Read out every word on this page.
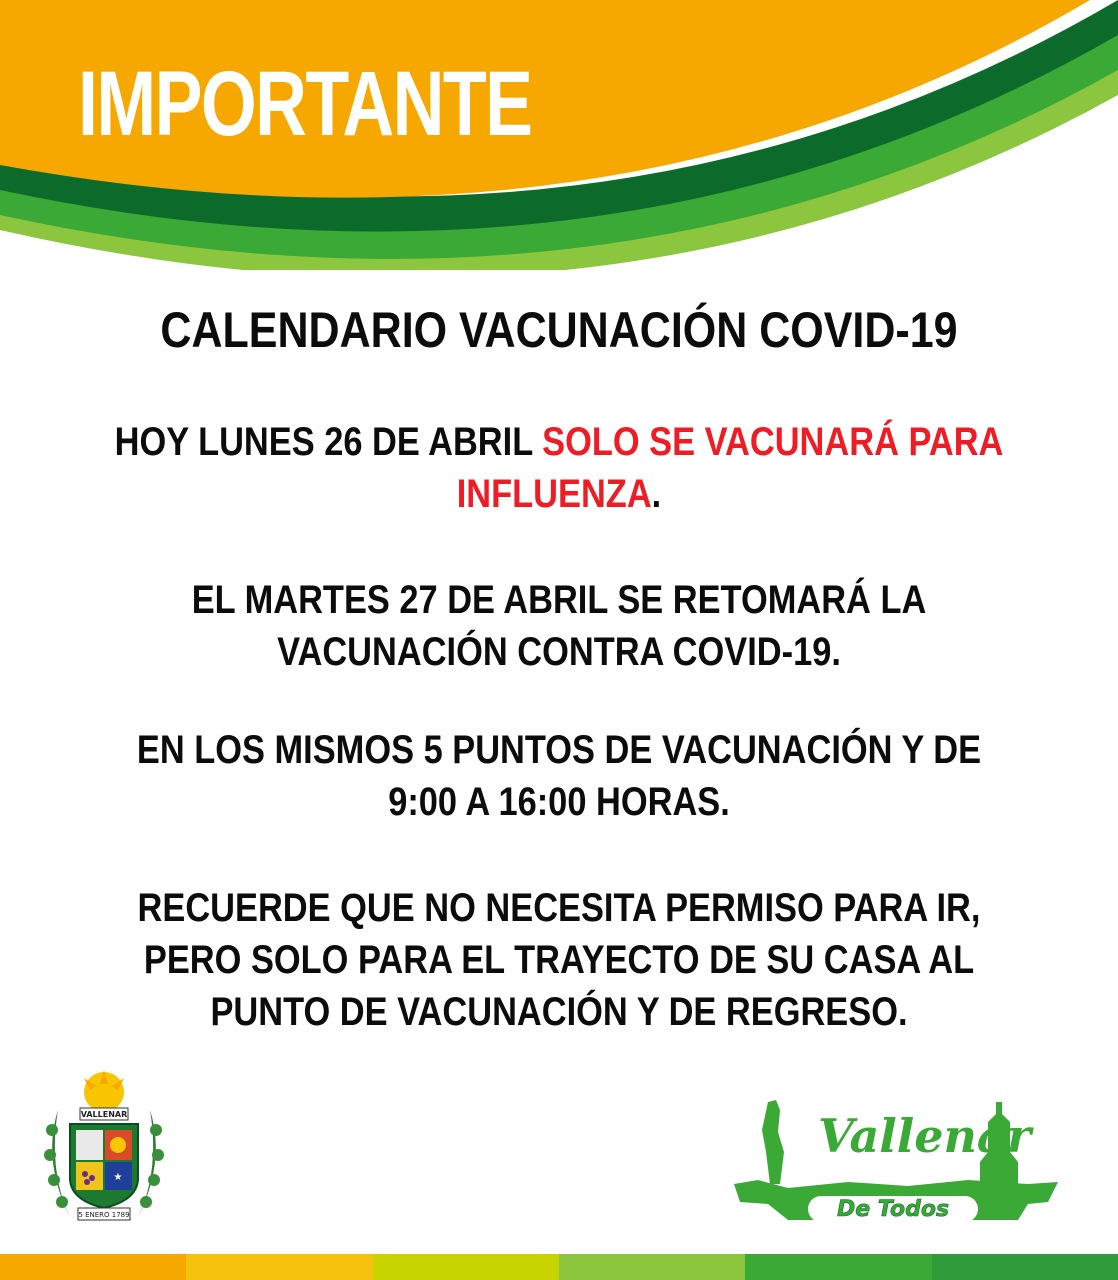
IMPORTANTE
CALENDARIO VACUNACIÓN COVID-19
HOY LUNES 26 DE ABRIL SOLO SE VACUNARÁ PARA
INFLUENZA.
EL MARTES 27 DE ABRIL SE RETOMARÁ LA
VACUNACIÓN CONTRA COVID-19.
EN LOS MISMOS 5 PUNTOS DE VACUNACIÓN Y DE
9:00 A 16:00 HORAS.
RECUERDE QUE NO NECESITA PERMISO PARA IR,
PERO SOLO PARA EL TRAYECTO DE SU CASA AL
PUNTO DE VACUNACIÓN Y DE REGRESO.
VALLENAR
★
5 ENERO 1789
Vallenar
De Todos
